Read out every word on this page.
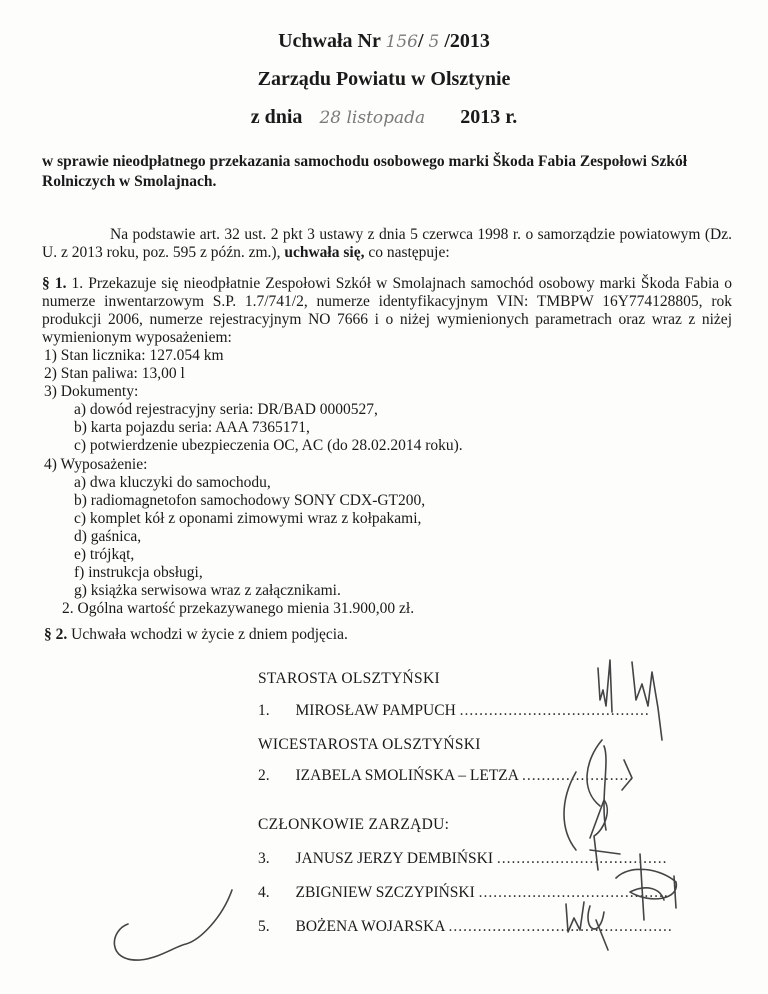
Uchwała Nr 156/ 5 /2013
Zarządu Powiatu w Olsztynie
z dnia 28 listopada 2013 r.
w sprawie nieodpłatnego przekazania samochodu osobowego marki Škoda Fabia Zespołowi Szkół Rolniczych w Smolajnach.
Na podstawie art. 32 ust. 2 pkt 3 ustawy z dnia 5 czerwca 1998 r. o samorządzie powiatowym (Dz. U. z 2013 roku, poz. 595 z późn. zm.), uchwała się, co następuje:
§ 1. 1. Przekazuje się nieodpłatnie Zespołowi Szkół w Smolajnach samochód osobowy marki Škoda Fabia o numerze inwentarzowym S.P. 1.7/741/2, numerze identyfikacyjnym VIN: TMBPW 16Y774128805, rok produkcji 2006, numerze rejestracyjnym NO 7666 i o niżej wymienionych parametrach oraz wraz z niżej wymienionym wyposażeniem:
1) Stan licznika: 127.054 km
2) Stan paliwa: 13,00 l
3) Dokumenty:
a) dowód rejestracyjny seria: DR/BAD 0000527,
b) karta pojazdu seria: AAA 7365171,
c) potwierdzenie ubezpieczenia OC, AC (do 28.02.2014 roku).
4) Wyposażenie:
a) dwa kluczyki do samochodu,
b) radiomagnetofon samochodowy SONY CDX-GT200,
c) komplet kół z oponami zimowymi wraz z kołpakami,
d) gaśnica,
e) trójkąt,
f) instrukcja obsługi,
g) książka serwisowa wraz z załącznikami.
2. Ogólna wartość przekazywanego mienia 31.900,00 zł.
§ 2. Uchwała wchodzi w życie z dniem podjęcia.
STAROSTA OLSZTYŃSKI
1. MIROSŁAW PAMPUCH .......................................
WICESTAROSTA OLSZTYŃSKI
2. IZABELA SMOLIŃSKA – LETZA .......................
CZŁONKOWIE ZARZĄDU:
3. JANUSZ JERZY DEMBIŃSKI ...................................
4. ZBIGNIEW SZCZYPIŃSKI .......................................
5. BOŻENA WOJARSKA ..............................................
